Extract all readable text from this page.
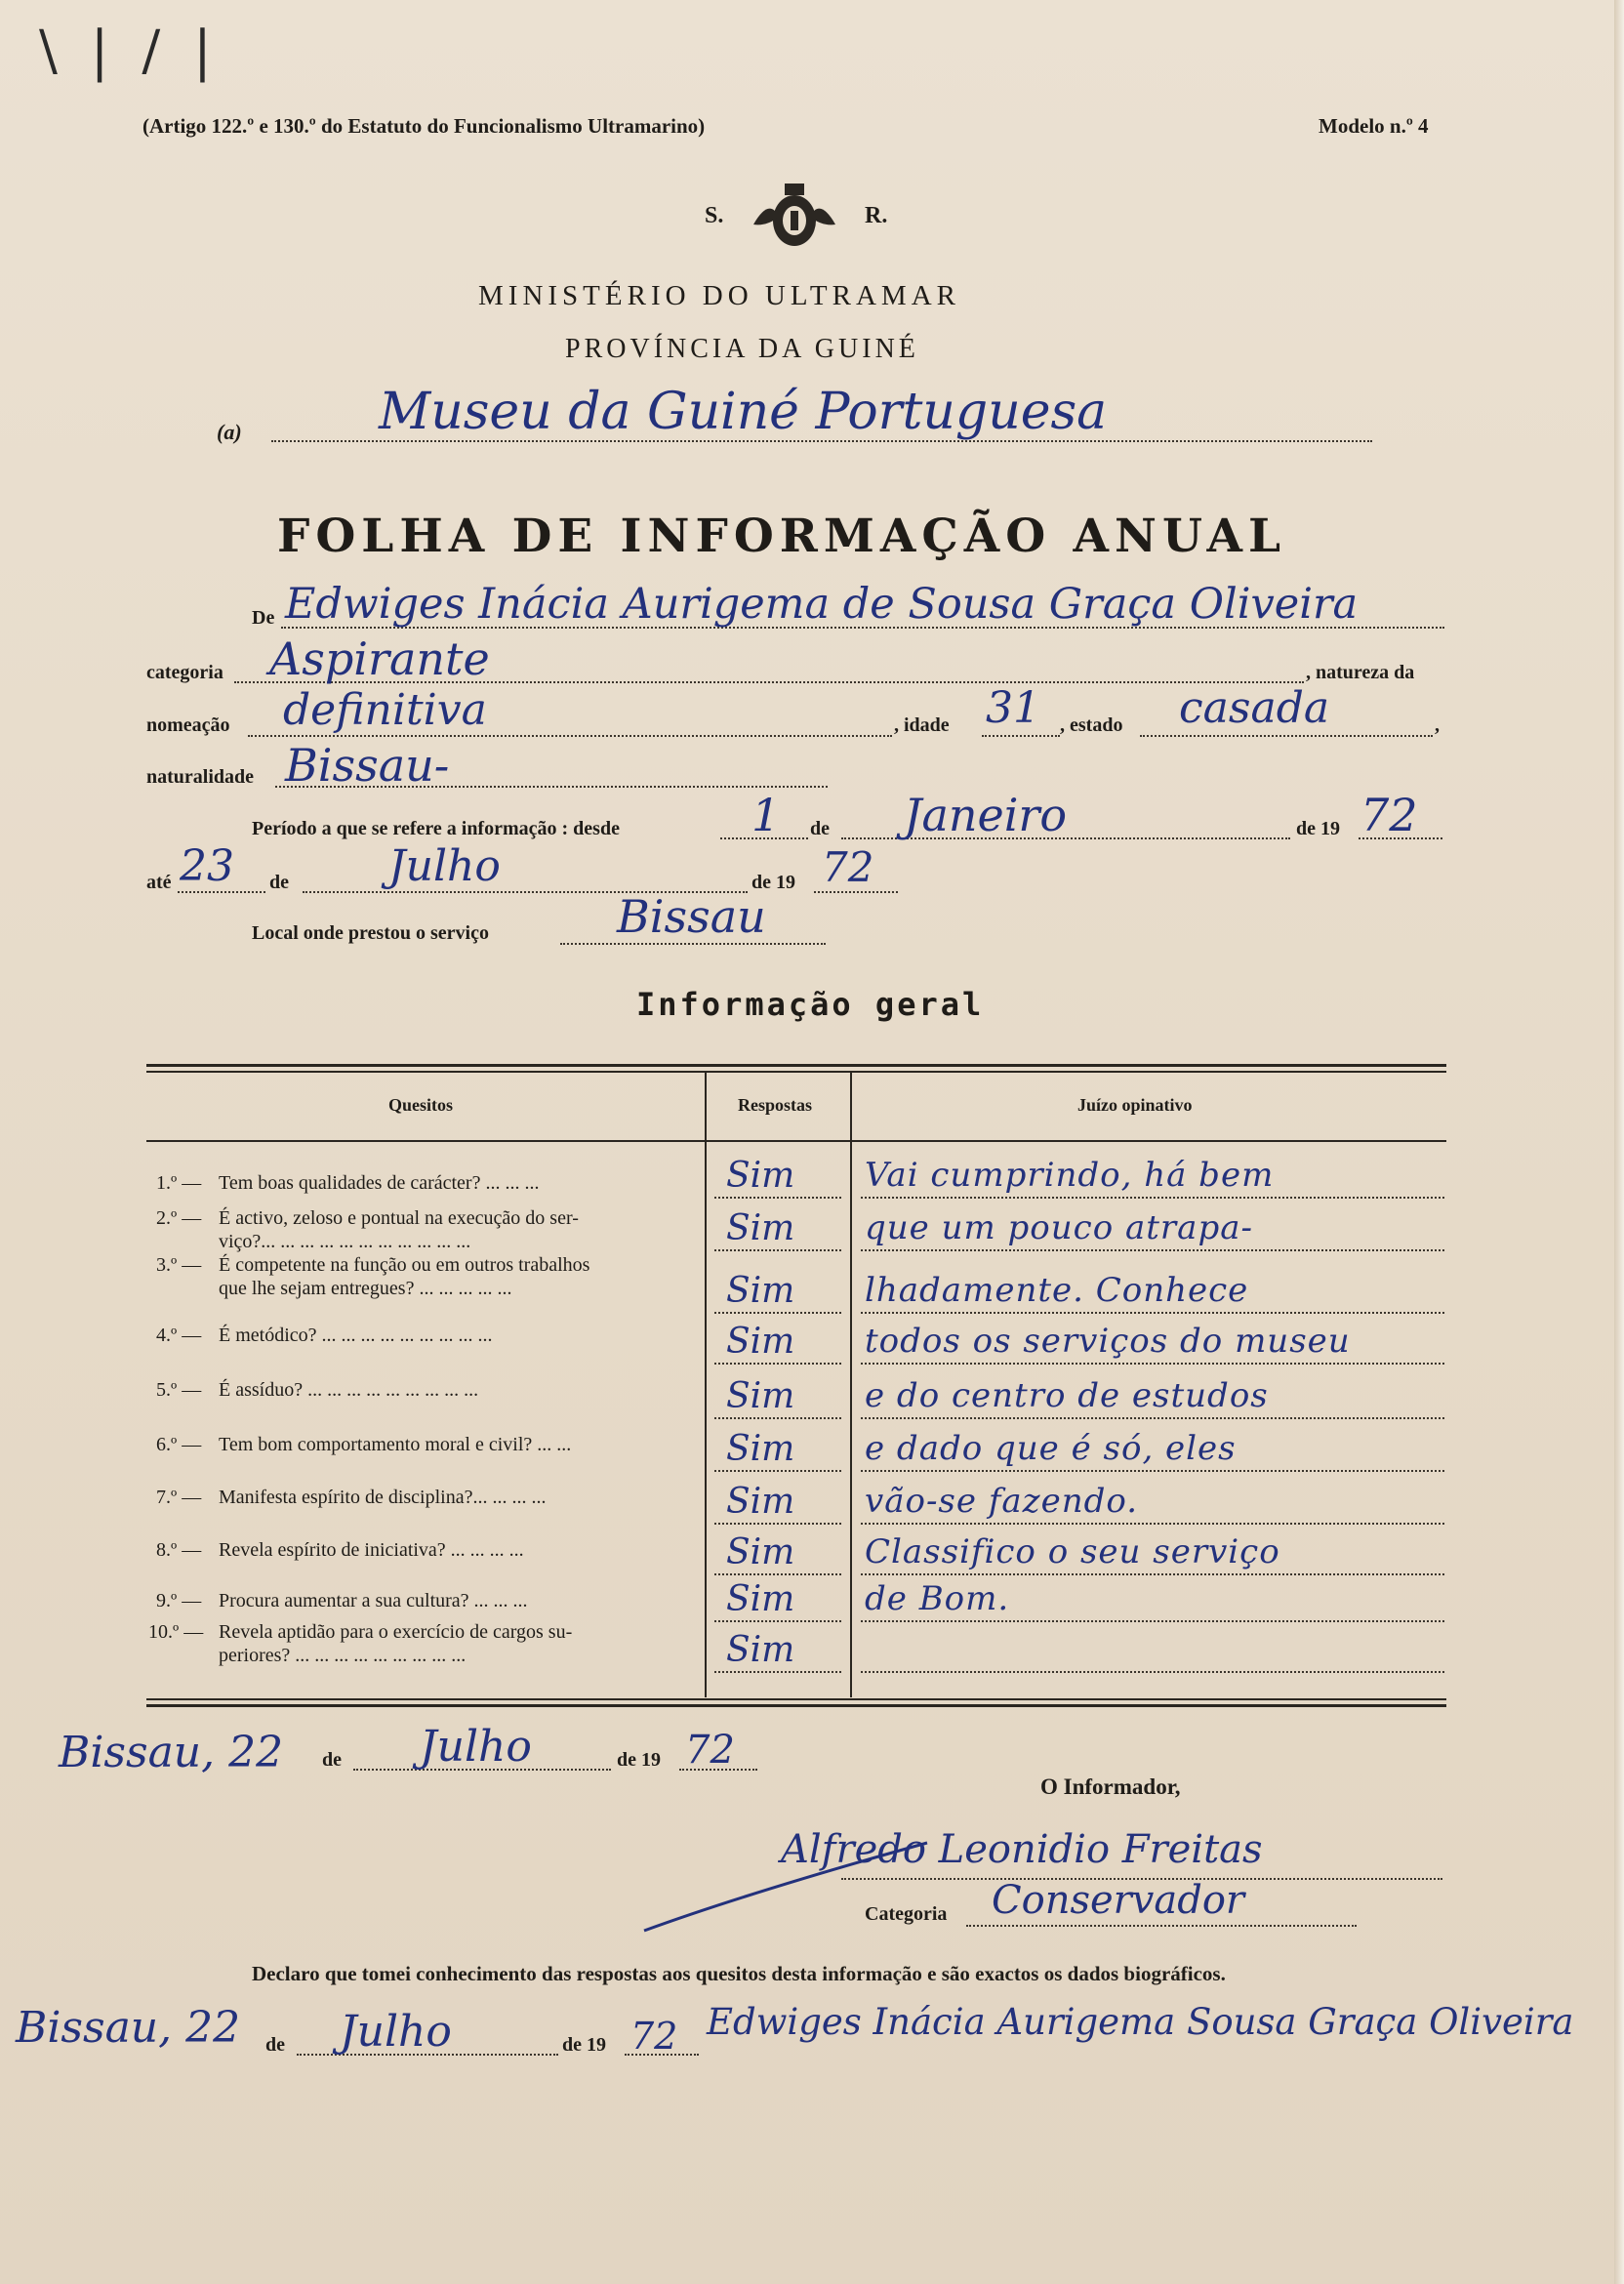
\ | / |
(Artigo 122.º e 130.º do Estatuto do Funcionalismo Ultramarino)	Modelo n.º 4
S.	R.
MINISTÉRIO DO ULTRAMAR
PROVÍNCIA DA GUINÉ
(a)	Museu da Guiné Portuguesa
FOLHA DE INFORMAÇÃO ANUAL
De Edwiges Inácia Aurigema de Sousa Graça Oliveira
categoria Aspirante	, natureza da
nomeação definitiva	, idade 31 , estado casada	,
naturalidade Bissau-
Período a que se refere a informação : desde	1 de Janeiro	de 19 72
até 23 de Julho	de 19 72
Local onde prestou o serviço	Bissau
Informação geral
Quesitos	Respostas	Juízo opinativo
1.º — Tem boas qualidades de carácter? ... ... ...	Sim Vai cumprindo, há bem
2.º — É activo, zeloso e pontual na execução do ser-
viço?... ... ... ... ... ... ... ... ... ... ...	Sim que um pouco atrapa-
3.º — É competente na função ou em outros trabalhos
que lhe sejam entregues? ... ... ... ... ...	Sim lhadamente. Conhece
4.º — É metódico? ... ... ... ... ... ... ... ... ...	Sim todos os serviços do museu
5.º — É assíduo? ... ... ... ... ... ... ... ... ...	Sim e do centro de estudos
6.º — Tem bom comportamento moral e civil? ... ...	Sim e dado que é só, eles
7.º — Manifesta espírito de disciplina?... ... ... ...	Sim vão-se fazendo.
8.º — Revela espírito de iniciativa? ... ... ... ...	Sim Classifico o seu serviço
9.º — Procura aumentar a sua cultura? ... ... ...	Sim de Bom.
10.º — Revela aptidão para o exercício de cargos su-
periores? ... ... ... ... ... ... ... ... ...	Sim
Bissau, 22 de Julho	de 19 72
O Informador,
Alfredo Leonidio Freitas
Categoria Conservador
Declaro que tomei conhecimento das respostas aos quesitos desta informação e são exactos os dados biográficos.
Bissau, 22 de Julho	de 19 72 Edwiges Inácia Aurigema Sousa Graça Oliveira
